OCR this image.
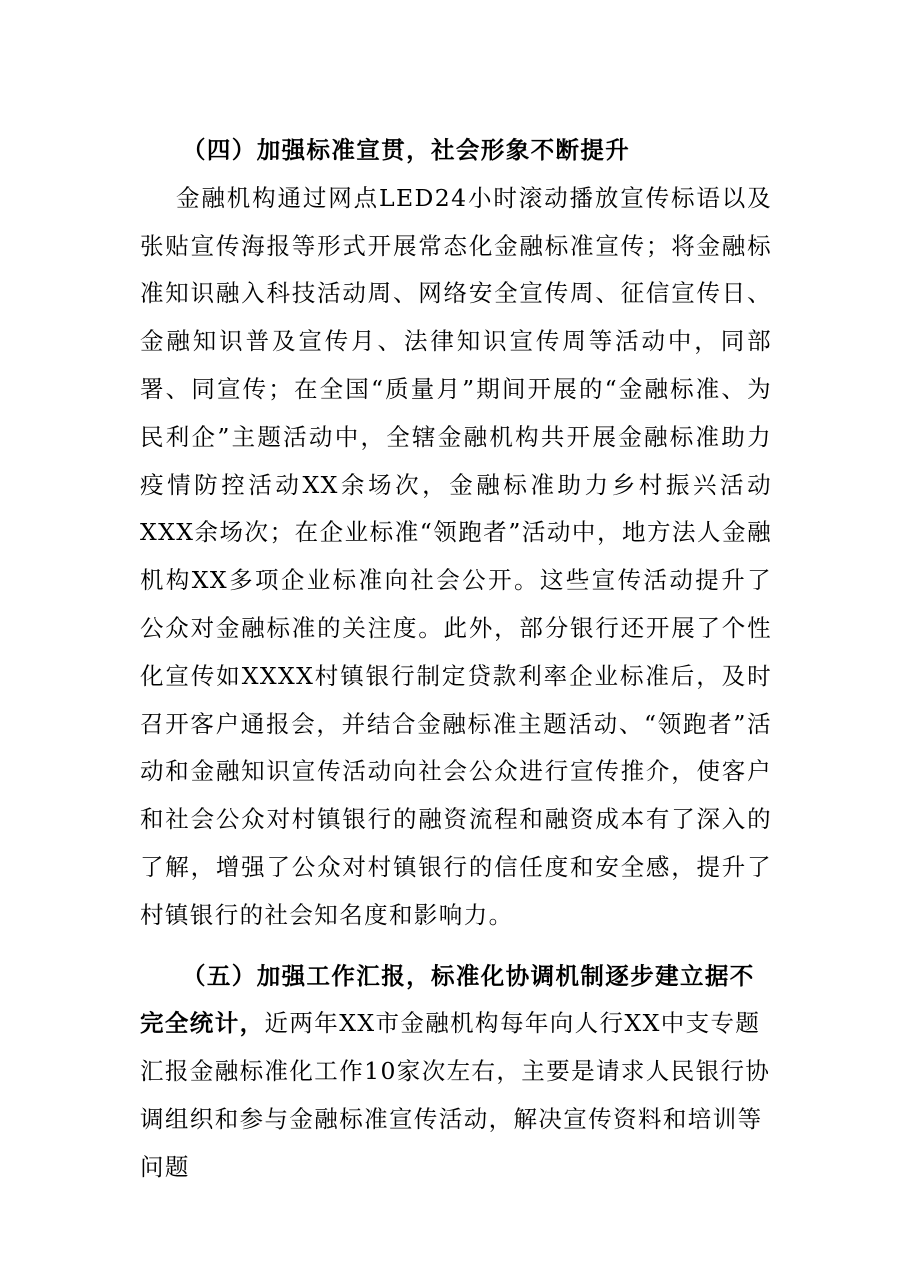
（四）加强标准宣贯，社会形象不断提升

金融机构通过网点LED24小时滚动播放宣传标语以及张贴宣传海报等形式开展常态化金融标准宣传；将金融标准知识融入科技活动周、网络安全宣传周、征信宣传日、金融知识普及宣传月、法律知识宣传周等活动中，同部署、同宣传；在全国“质量月”期间开展的“金融标准、为民利企”主题活动中，全辖金融机构共开展金融标准助力疫情防控活动XX余场次，金融标准助力乡村振兴活动XXX余场次；在企业标准“领跑者”活动中，地方法人金融机构XX多项企业标准向社会公开。这些宣传活动提升了公众对金融标准的关注度。此外，部分银行还开展了个性化宣传如XXXX村镇银行制定贷款利率企业标准后，及时召开客户通报会，并结合金融标准主题活动、“领跑者”活动和金融知识宣传活动向社会公众进行宣传推介，使客户和社会公众对村镇银行的融资流程和融资成本有了深入的了解，增强了公众对村镇银行的信任度和安全感，提升了村镇银行的社会知名度和影响力。

（五）加强工作汇报，标准化协调机制逐步建立据不完全统计，近两年XX市金融机构每年向人行XX中支专题汇报金融标准化工作10家次左右，主要是请求人民银行协调组织和参与金融标准宣传活动，解决宣传资料和培训等问题
